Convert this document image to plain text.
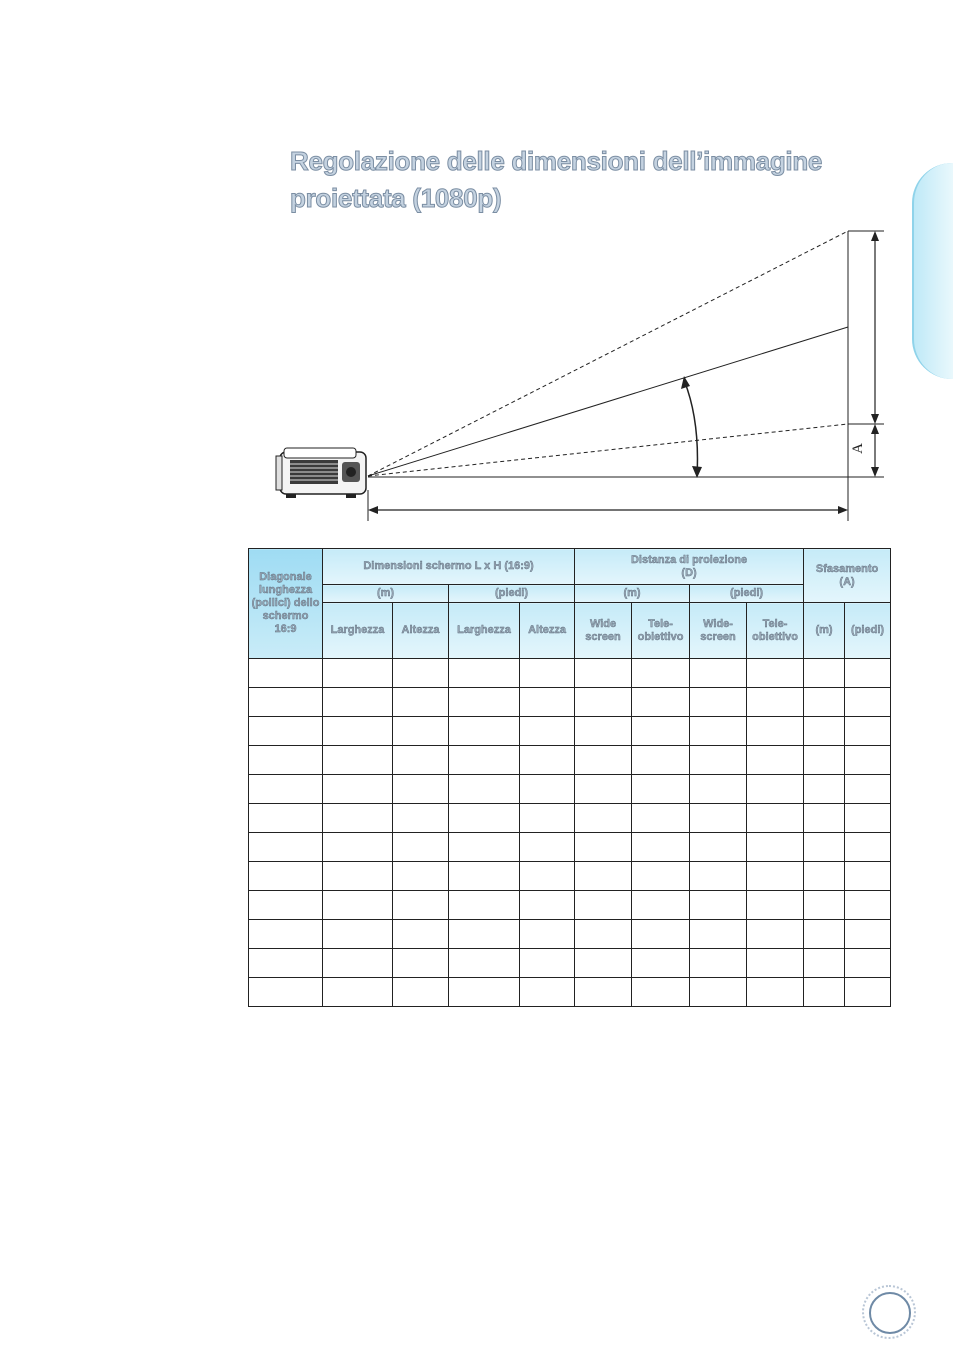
Regolazione delle dimensioni dell’immagine
proiettata (1080p)
A
Diagonale lunghezza (pollici) dello schermo 16:9	Dimensioni schermo L x H (16:9)				Distanza di proiezione (D)				Sfasamento (A)	
	(m)		(piedi)		(m)		(piedi)			
	Larghezza	Altezza	Larghezza	Altezza	Wide screen	Tele-obiettivo	Wide-screen	Tele-obiettivo	(m)	(piedi)
